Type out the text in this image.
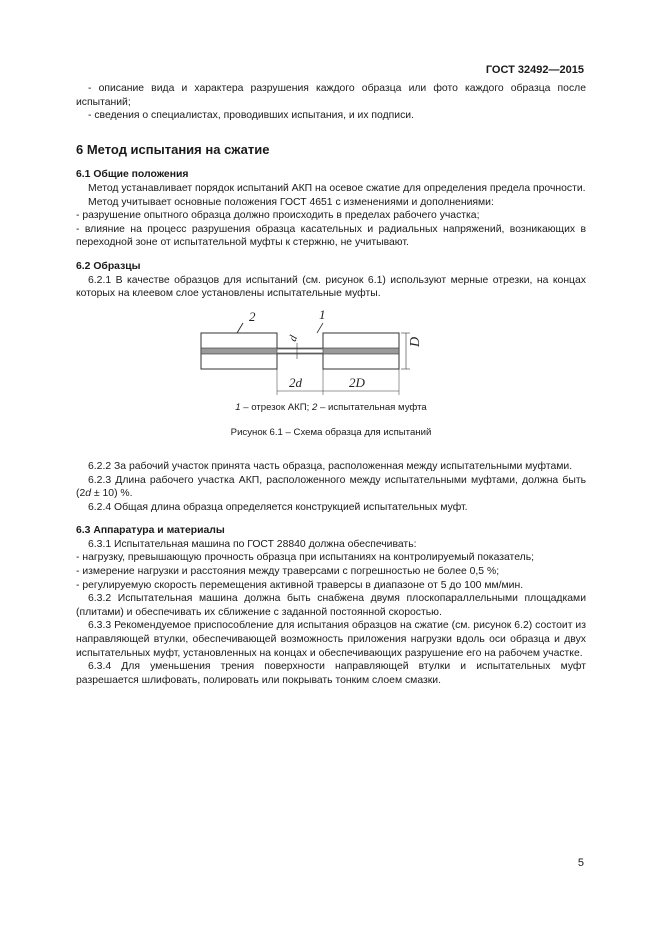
ГОСТ 32492—2015

- описание вида и характера разрушения каждого образца или фото каждого образца после испытаний;

- сведения о специалистах, проводивших испытания, и их подписи.

6 Метод испытания на сжатие
6.1 Общие положения

Метод устанавливает порядок испытаний АКП на осевое сжатие для определения предела прочности.

Метод учитывает основные положения ГОСТ 4651 с изменениями и дополнениями:

- разрушение опытного образца должно происходить в пределах рабочего участка;

- влияние на процесс разрушения образца касательных и радиальных напряжений, возникающих в переходной зоне от испытательной муфты к стержню, не учитывают.

6.2 Образцы

6.2.1 В качестве образцов для испытаний (см. рисунок 6.1) используют мерные отрезки, на концах которых на клеевом слое установлены испытательные муфты.

2	1
d	D
2d	2D

1 – отрезок АКП; 2 – испытательная муфта

Рисунок 6.1 – Схема образца для испытаний

6.2.2 За рабочий участок принята часть образца, расположенная между испытательными муфтами.

6.2.3 Длина рабочего участка АКП, расположенного между испытательными муфтами, должна быть (2d ± 10) %.

6.2.4 Общая длина образца определяется конструкцией испытательных муфт.

6.3 Аппаратура и материалы

6.3.1 Испытательная машина по ГОСТ 28840 должна обеспечивать:

- нагрузку, превышающую прочность образца при испытаниях на контролируемый показатель;

- измерение нагрузки и расстояния между траверсами с погрешностью не более 0,5 %;

- регулируемую скорость перемещения активной траверсы в диапазоне от 5 до 100 мм/мин.

6.3.2 Испытательная машина должна быть снабжена двумя плоскопараллельными площадками (плитами) и обеспечивать их сближение с заданной постоянной скоростью.

6.3.3 Рекомендуемое приспособление для испытания образцов на сжатие (см. рисунок 6.2) состоит из направляющей втулки, обеспечивающей возможность приложения нагрузки вдоль оси образца и двух испытательных муфт, установленных на концах и обеспечивающих разрушение его на рабочем участке.

6.3.4 Для уменьшения трения поверхности направляющей втулки и испытательных муфт разрешается шлифовать, полировать или покрывать тонким слоем смазки.

5
